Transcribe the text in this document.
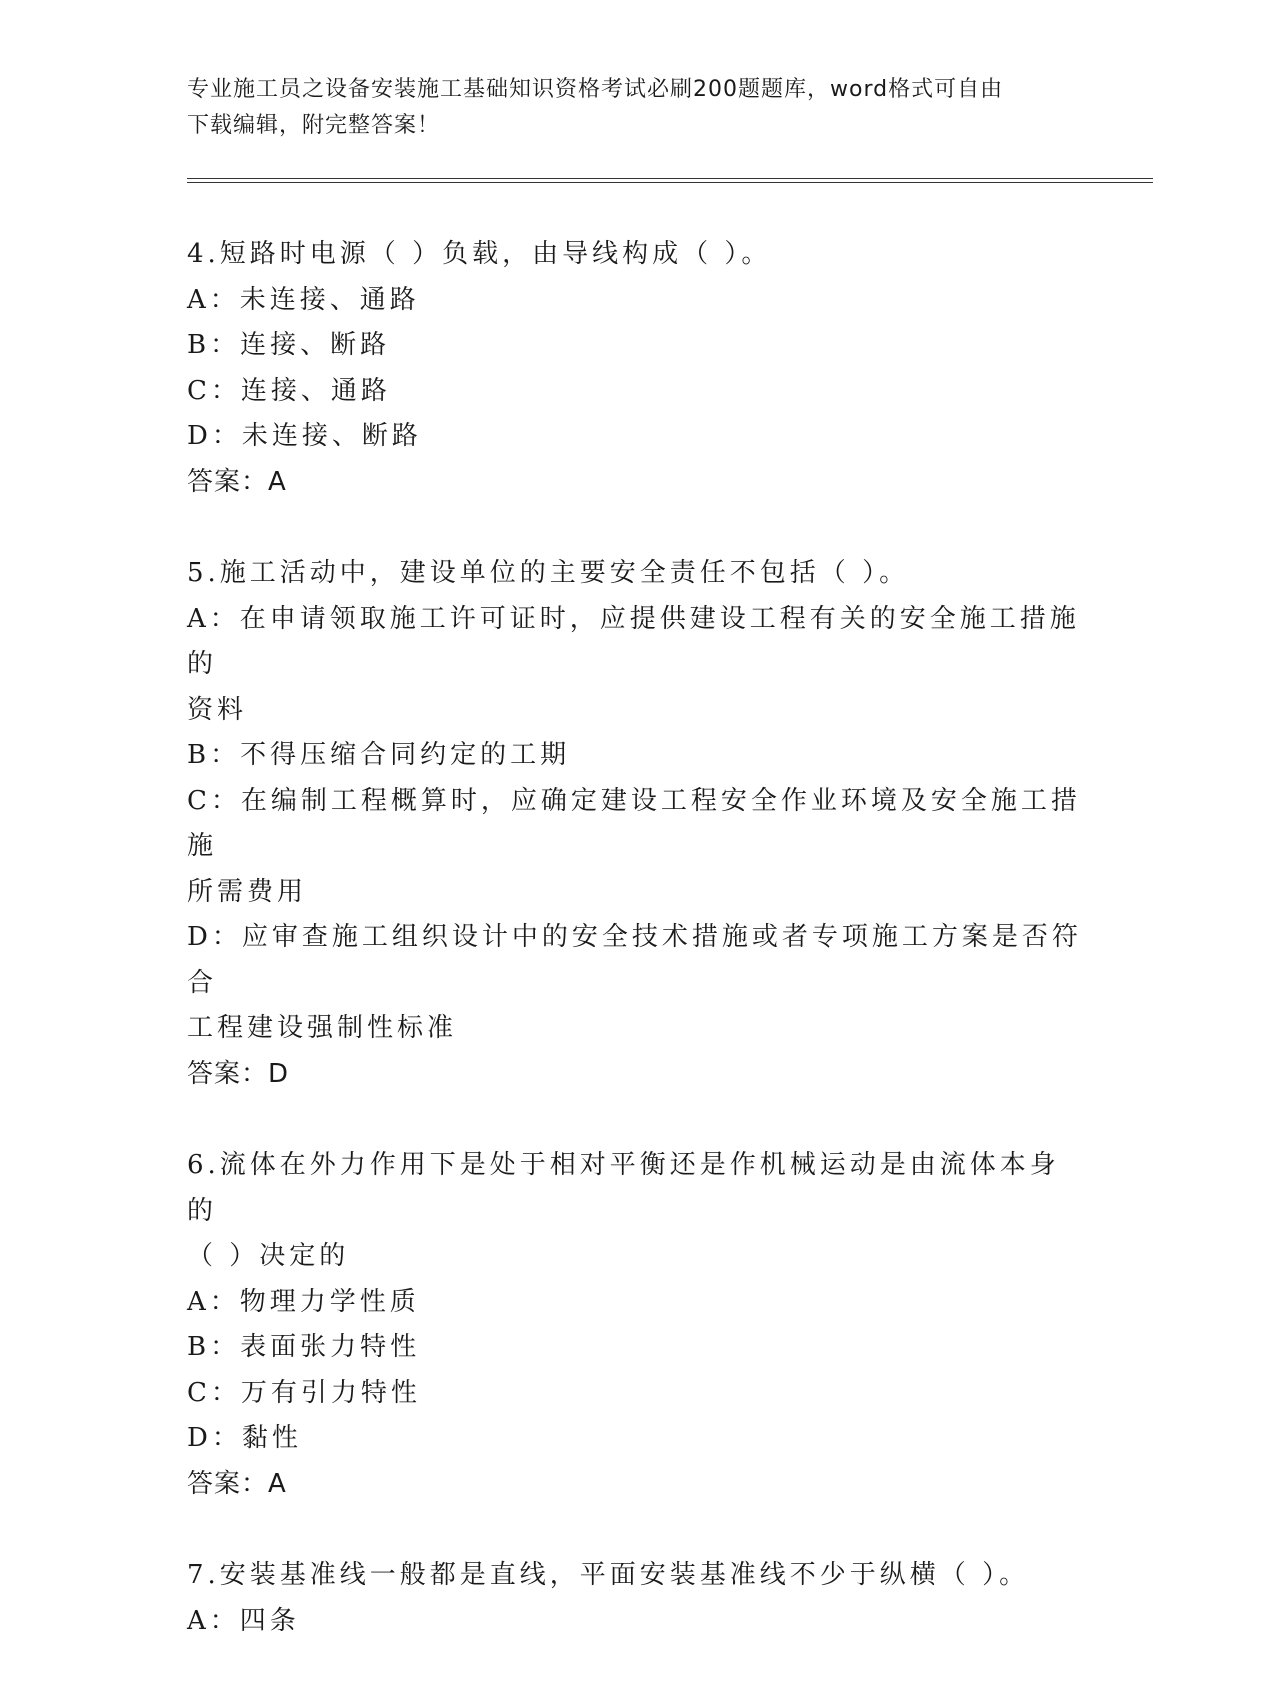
专业施工员之设备安装施工基础知识资格考试必刷200题题库，word格式可自由
下载编辑，附完整答案！
4.短路时电源（ ）负载，由导线构成（ ）。
A：未连接、通路
B：连接、断路
C：连接、通路
D：未连接、断路
答案：A
5.施工活动中，建设单位的主要安全责任不包括（ ）。
A：在申请领取施工许可证时，应提供建设工程有关的安全施工措施的
资料
B：不得压缩合同约定的工期
C：在编制工程概算时，应确定建设工程安全作业环境及安全施工措施
所需费用
D：应审查施工组织设计中的安全技术措施或者专项施工方案是否符合
工程建设强制性标准
答案：D
6.流体在外力作用下是处于相对平衡还是作机械运动是由流体本身的
（ ）决定的
A：物理力学性质
B：表面张力特性
C：万有引力特性
D：黏性
答案：A
7.安装基准线一般都是直线，平面安装基准线不少于纵横（ ）。
A：四条
